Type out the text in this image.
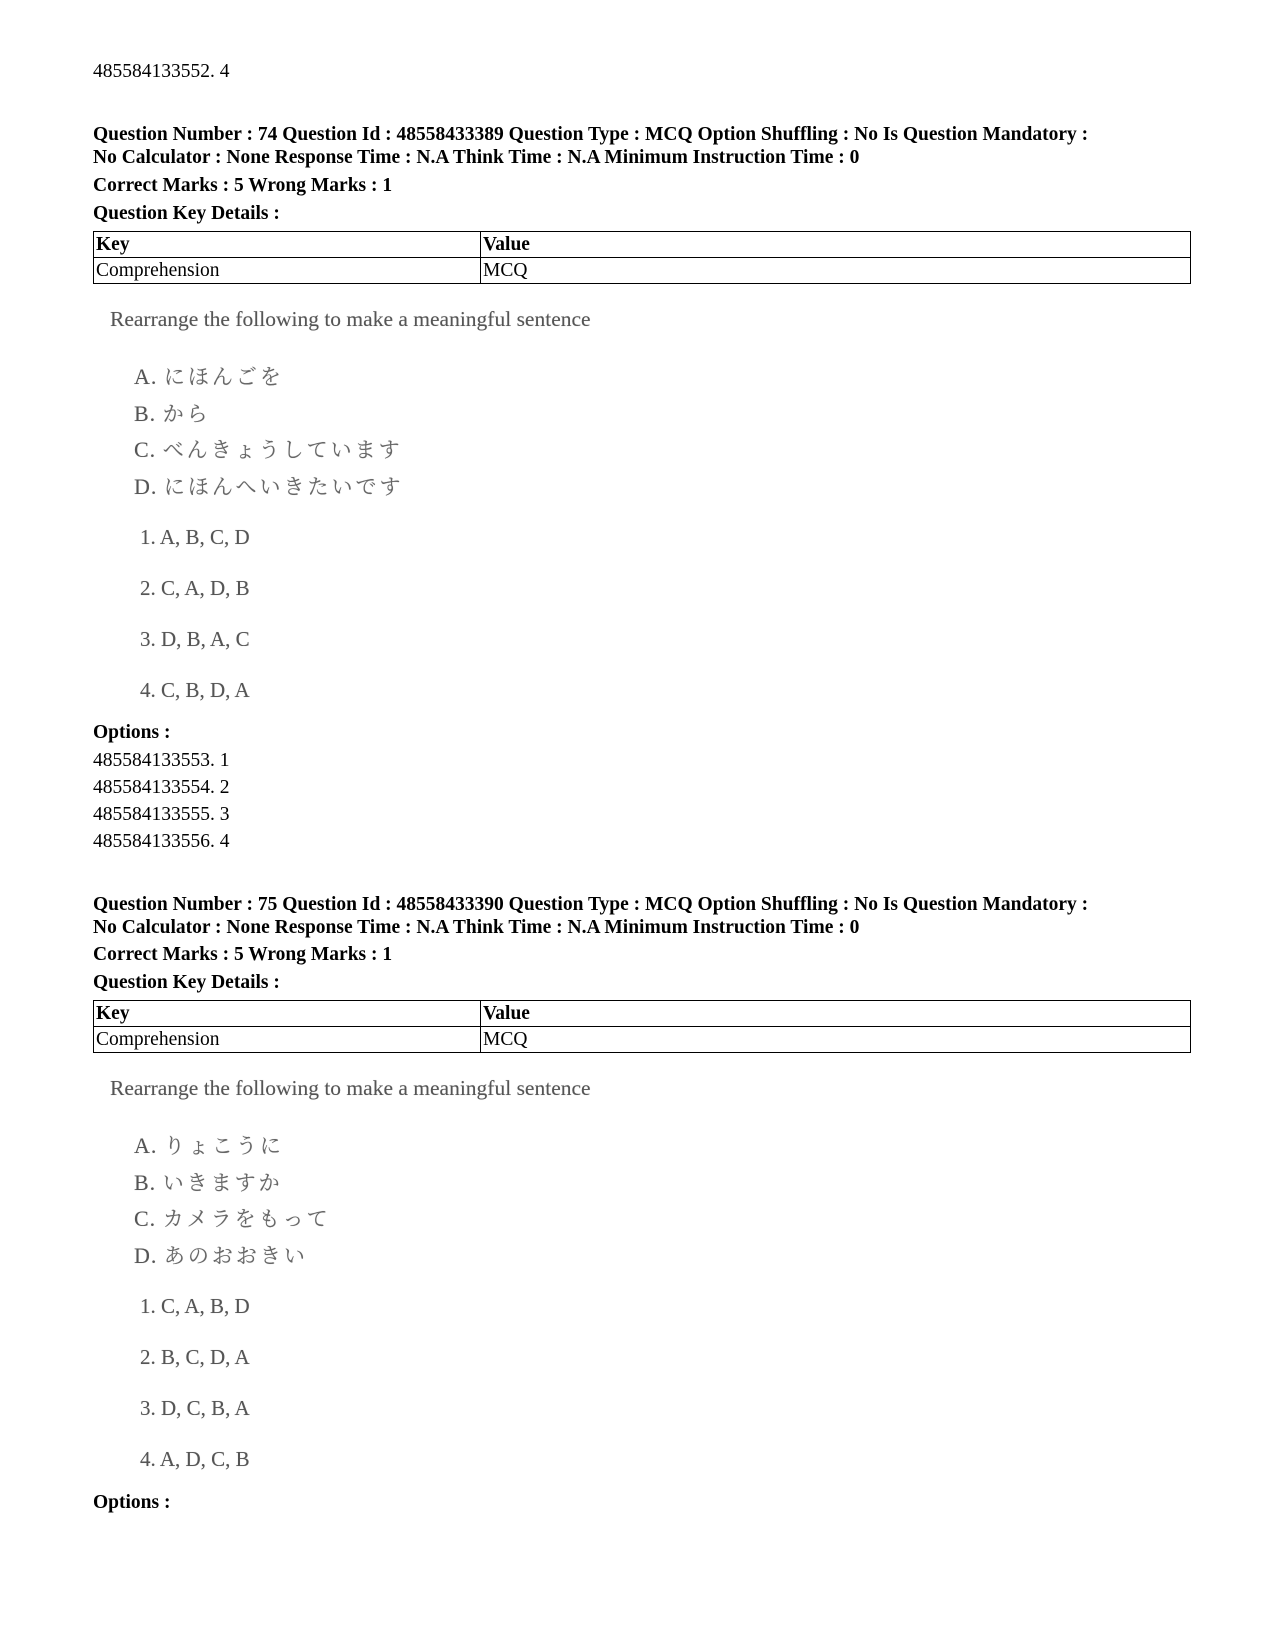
485584133552. 4
Question Number : 74 Question Id : 48558433389 Question Type : MCQ Option Shuffling : No Is Question Mandatory :
No Calculator : None Response Time : N.A Think Time : N.A Minimum Instruction Time : 0
Correct Marks : 5 Wrong Marks : 1
Question Key Details :
Key	Value
Comprehension	MCQ
Rearrange the following to make a meaningful sentence
A. にほんごを
B. から
C. べんきょうしています
D. にほんへいきたいです
1. A, B, C, D
2. C, A, D, B
3. D, B, A, C
4. C, B, D, A
Options :
485584133553. 1
485584133554. 2
485584133555. 3
485584133556. 4
Question Number : 75 Question Id : 48558433390 Question Type : MCQ Option Shuffling : No Is Question Mandatory :
No Calculator : None Response Time : N.A Think Time : N.A Minimum Instruction Time : 0
Correct Marks : 5 Wrong Marks : 1
Question Key Details :
Key	Value
Comprehension	MCQ
Rearrange the following to make a meaningful sentence
A. りょこうに
B. いきますか
C. カメラをもって
D. あのおおきい
1. C, A, B, D
2. B, C, D, A
3. D, C, B, A
4. A, D, C, B
Options :
